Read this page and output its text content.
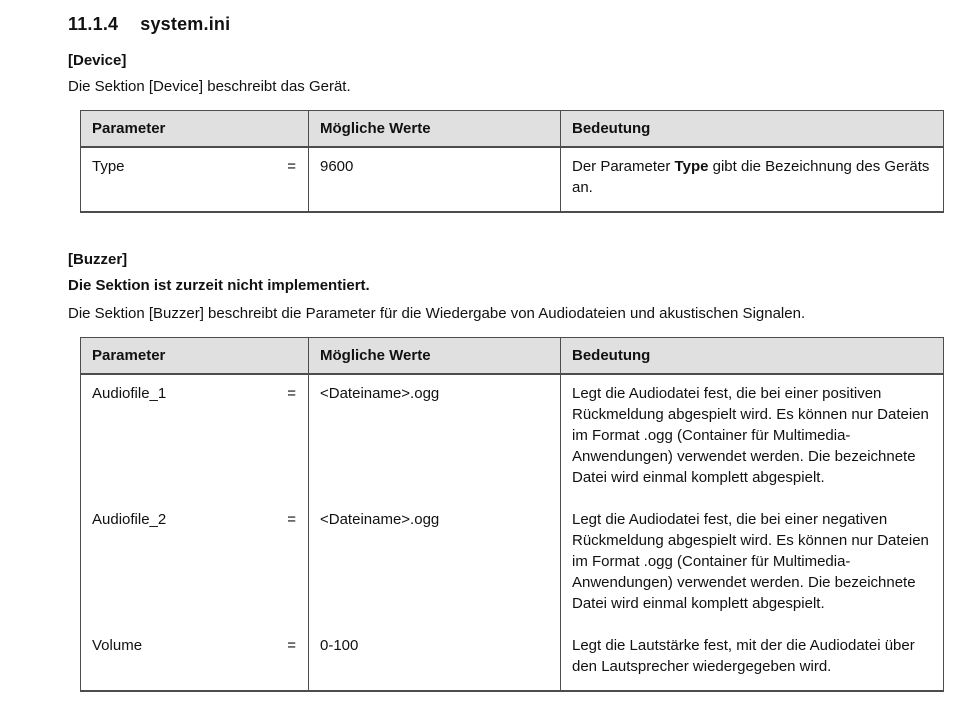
11.1.4 system.ini
[Device]
Die Sektion [Device] beschreibt das Gerät.
Parameter	Mögliche Werte	Bedeutung

Type =	9600	Der Parameter Type gibt die Bezeichnung des Geräts an.
[Buzzer]
Die Sektion ist zurzeit nicht implementiert.
Die Sektion [Buzzer] beschreibt die Parameter für die Wiedergabe von Audiodateien und akustischen Signalen.
Parameter	Mögliche Werte	Bedeutung

Audiofile_1 =	<Dateiname>.ogg	Legt die Audiodatei fest, die bei einer positiven Rückmeldung abgespielt wird. Es können nur Dateien im Format .ogg (Container für Multimedia-Anwendungen) verwendet werden. Die bezeichnete Datei wird einmal komplett abgespielt.

Audiofile_2 =	<Dateiname>.ogg	Legt die Audiodatei fest, die bei einer negativen Rückmeldung abgespielt wird. Es können nur Dateien im Format .ogg (Container für Multimedia-Anwendungen) verwendet werden. Die bezeichnete Datei wird einmal komplett abgespielt.

Volume =	0-100	Legt die Lautstärke fest, mit der die Audiodatei über den Lautsprecher wiedergegeben wird.
